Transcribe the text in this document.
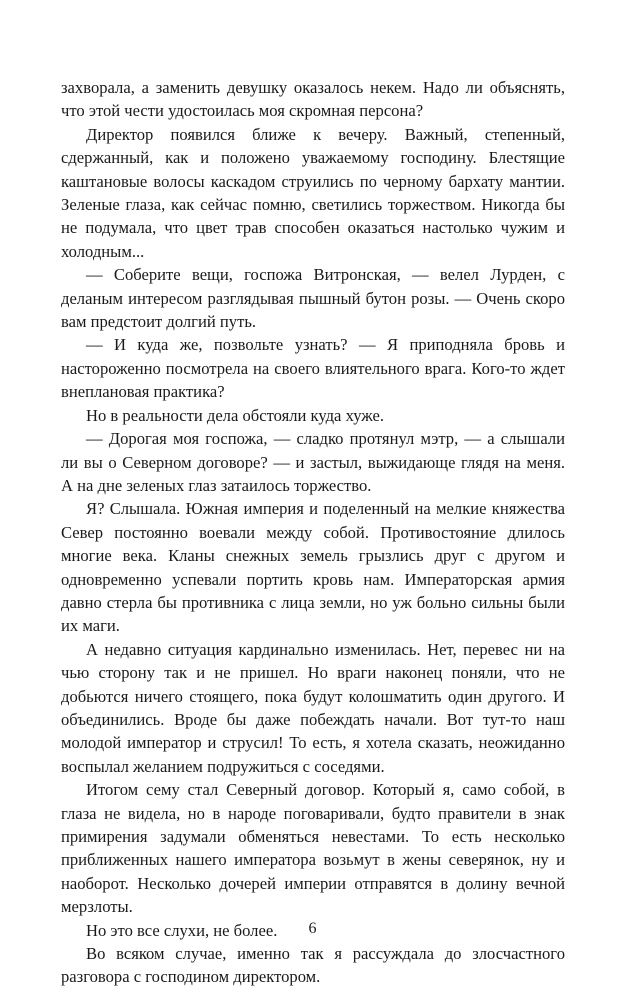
захворала, а заменить девушку оказалось некем. Надо ли объяснять, что этой чести удостоилась моя скромная персона?

Директор появился ближе к вечеру. Важный, степенный, сдержанный, как и положено уважаемому господину. Блестящие каштановые волосы каскадом струились по черному бархату мантии. Зеленые глаза, как сейчас помню, светились торжеством. Никогда бы не подумала, что цвет трав способен оказаться настолько чужим и холодным...

— Соберите вещи, госпожа Витронская, — велел Лурден, с деланым интересом разглядывая пышный бутон розы. — Очень скоро вам предстоит долгий путь.

— И куда же, позвольте узнать? — Я приподняла бровь и настороженно посмотрела на своего влиятельного врага. Кого-то ждет внеплановая практика?

Но в реальности дела обстояли куда хуже.

— Дорогая моя госпожа, — сладко протянул мэтр, — а слышали ли вы о Северном договоре? — и застыл, выжидающе глядя на меня. А на дне зеленых глаз затаилось торжество.

Я? Слышала. Южная империя и поделенный на мелкие княжества Север постоянно воевали между собой. Противостояние длилось многие века. Кланы снежных земель грызлись друг с другом и одновременно успевали портить кровь нам. Императорская армия давно стерла бы противника с лица земли, но уж больно сильны были их маги.

А недавно ситуация кардинально изменилась. Нет, перевес ни на чью сторону так и не пришел. Но враги наконец поняли, что не добьются ничего стоящего, пока будут колошматить один другого. И объединились. Вроде бы даже побеждать начали. Вот тут-то наш молодой император и струсил! То есть, я хотела сказать, неожиданно воспылал желанием подружиться с соседями.

Итогом сему стал Северный договор. Который я, само собой, в глаза не видела, но в народе поговаривали, будто правители в знак примирения задумали обменяться невестами. То есть несколько приближенных нашего императора возьмут в жены северянок, ну и наоборот. Несколько дочерей империи отправятся в долину вечной мерзлоты.

Но это все слухи, не более.

Во всяком случае, именно так я рассуждала до злосчастного разговора с господином директором.

6
